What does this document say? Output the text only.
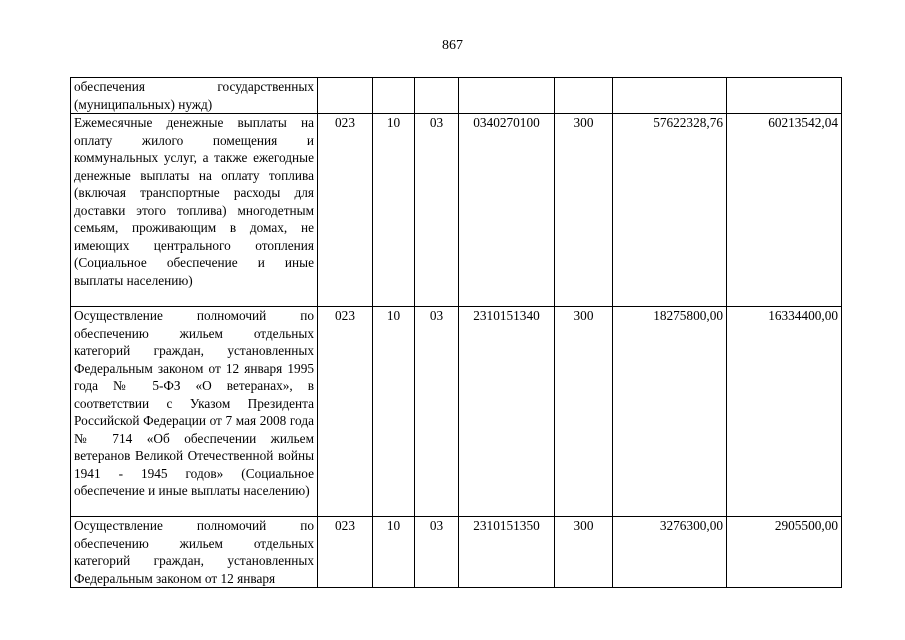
867
обеспечения государственных (муниципальных) нужд)							
Ежемесячные денежные выплаты на оплату жилого помещения и коммунальных услуг, а также ежегодные денежные выплаты на оплату топлива (включая транспортные расходы для доставки этого топлива) многодетным семьям, проживающим в домах, не имеющих центрального отопления (Социальное обеспечение и иные выплаты населению)	023	10	03	0340270100	300	57622328,76	60213542,04
Осуществление полномочий по обеспечению жильем отдельных категорий граждан, установленных Федеральным законом от 12 января 1995 года № 5-ФЗ «О ветеранах», в соответствии с Указом Президента Российской Федерации от 7 мая 2008 года № 714 «Об обеспечении жильем ветеранов Великой Отечественной войны 1941 - 1945 годов» (Социальное обеспечение и иные выплаты населению)	023	10	03	2310151340	300	18275800,00	16334400,00
Осуществление полномочий по обеспечению жильем отдельных категорий граждан, установленных Федеральным законом от 12 января	023	10	03	2310151350	300	3276300,00	2905500,00
